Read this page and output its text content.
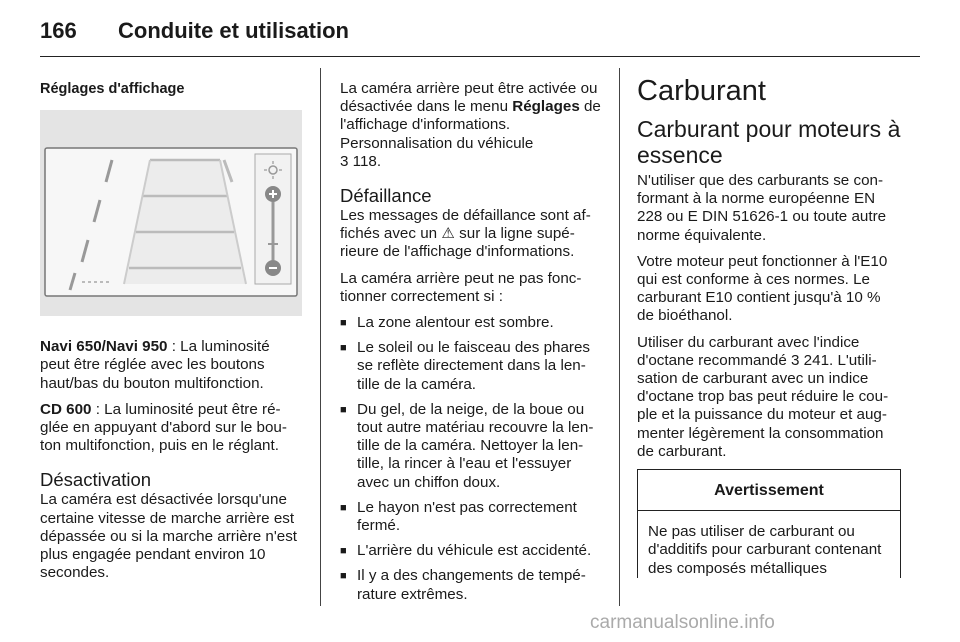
166 Conduite et utilisation
Réglages d'affichage

Navi 650/Navi 950 : La luminosité peut être réglée avec les boutons haut/bas du bouton multifonction.

CD 600 : La luminosité peut être réglée en appuyant d'abord sur le bouton multifonction, puis en le réglant.

Désactivation

La caméra est désactivée lorsqu'une certaine vitesse de marche arrière est dépassée ou si la marche arrière n'est plus engagée pendant environ 10 secondes.

La caméra arrière peut être activée ou désactivée dans le menu Réglages de l'affichage d'informations. Personnalisation du véhicule
3 118.

Défaillance

Les messages de défaillance sont affichés avec un ⚠ sur la ligne supérieure de l'affichage d'informations.

La caméra arrière peut ne pas fonctionner correctement si :

■ La zone alentour est sombre.
■ Le soleil ou le faisceau des phares se reflète directement dans la lentille de la caméra.
■ Du gel, de la neige, de la boue ou tout autre matériau recouvre la lentille de la caméra. Nettoyer la lentille, la rincer à l'eau et l'essuyer avec un chiffon doux.
■ Le hayon n'est pas correctement fermé.
■ L'arrière du véhicule est accidenté.
■ Il y a des changements de température extrêmes.
Carburant
Carburant pour moteurs à essence

N'utiliser que des carburants se conformant à la norme européenne EN 228 ou E DIN 51626-1 ou toute autre norme équivalente.

Votre moteur peut fonctionner à l'E10 qui est conforme à ces normes. Le carburant E10 contient jusqu'à 10 % de bioéthanol.

Utiliser du carburant avec l'indice d'octane recommandé 3 241. L'utilisation de carburant avec un indice d'octane trop bas peut réduire le couple et la puissance du moteur et augmenter légèrement la consommation de carburant.

Avertissement
Ne pas utiliser de carburant ou d'additifs pour carburant contenant des composés métalliques
carmanualsonline.info
